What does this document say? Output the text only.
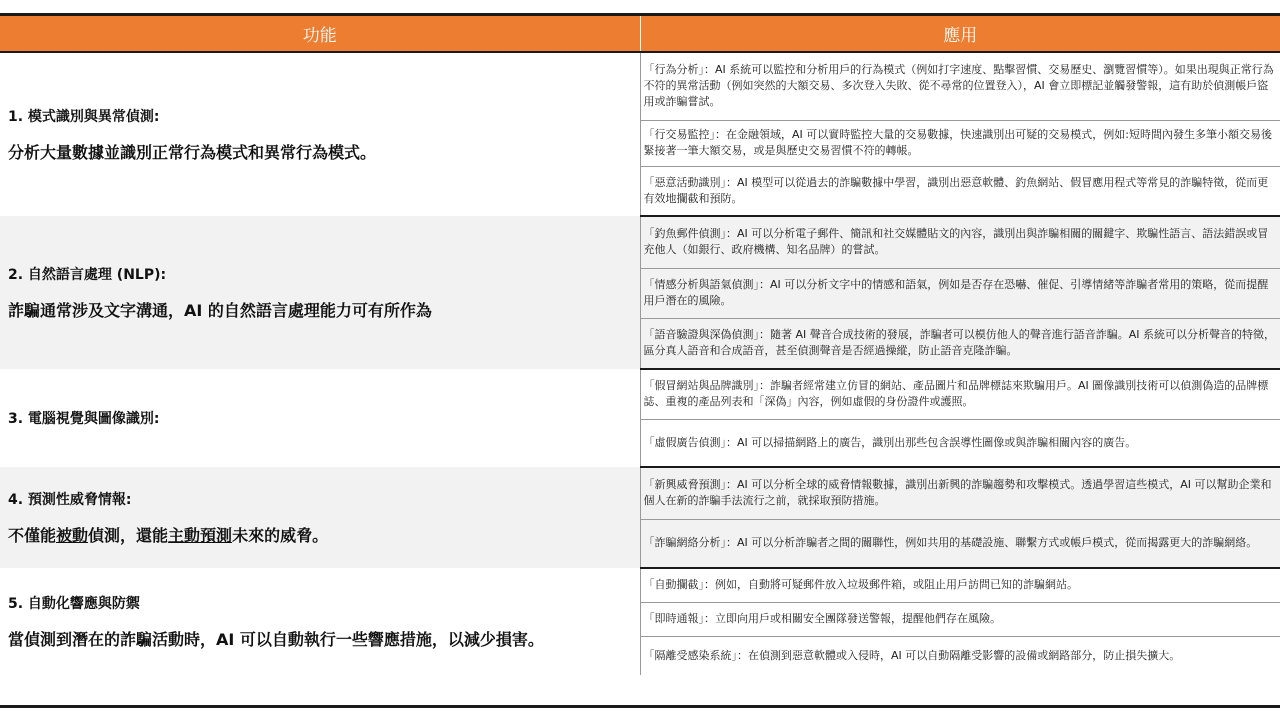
功能	應用

1. 模式識別與異常偵測:
分析大量數據並識別正常行為模式和異常行為模式。	「行為分析」：AI 系統可以監控和分析用戶的行為模式（例如打字速度、點擊習慣、交易歷史、瀏覽習慣等）。如果出現與正常行為不符的異常活動（例如突然的大額交易、多次登入失敗、從不尋常的位置登入），AI 會立即標記並觸發警報，這有助於偵測帳戶盜用或詐騙嘗試。
	「行交易監控」：在金融領域，AI 可以實時監控大量的交易數據，快速識別出可疑的交易模式，例如:短時間內發生多筆小額交易後緊接著一筆大額交易，或是與歷史交易習慣不符的轉帳。
	「惡意活動識別」：AI 模型可以從過去的詐騙數據中學習，識別出惡意軟體、釣魚網站、假冒應用程式等常見的詐騙特徵，從而更有效地攔截和預防。

2. 自然語言處理 (NLP):
詐騙通常涉及文字溝通，AI 的自然語言處理能力可有所作為	「釣魚郵件偵測」：AI 可以分析電子郵件、簡訊和社交媒體貼文的內容，識別出與詐騙相關的關鍵字、欺騙性語言、語法錯誤或冒充他人（如銀行、政府機構、知名品牌）的嘗試。
	「情感分析與語氣偵測」：AI 可以分析文字中的情感和語氣，例如是否存在恐嚇、催促、引導情緒等詐騙者常用的策略，從而提醒用戶潛在的風險。
	「語音驗證與深偽偵測」：隨著 AI 聲音合成技術的發展，詐騙者可以模仿他人的聲音進行語音詐騙。AI 系統可以分析聲音的特徵，區分真人語音和合成語音，甚至偵測聲音是否經過操縱，防止語音克隆詐騙。

3. 電腦視覺與圖像識別:	「假冒網站與品牌識別」：詐騙者經常建立仿冒的網站、產品圖片和品牌標誌來欺騙用戶。AI 圖像識別技術可以偵測偽造的品牌標誌、重複的產品列表和「深偽」內容，例如虛假的身份證件或護照。
	「虛假廣告偵測」：AI 可以掃描網路上的廣告，識別出那些包含誤導性圖像或與詐騙相關內容的廣告。

4. 預測性威脅情報:
不僅能被動偵測，還能主動預測未來的威脅。	「新興威脅預測」：AI 可以分析全球的威脅情報數據，識別出新興的詐騙趨勢和攻擊模式。透過學習這些模式，AI 可以幫助企業和個人在新的詐騙手法流行之前，就採取預防措施。
	「詐騙網絡分析」：AI 可以分析詐騙者之間的關聯性，例如共用的基礎設施、聯繫方式或帳戶模式，從而揭露更大的詐騙網絡。

5. 自動化響應與防禦
當偵測到潛在的詐騙活動時，AI 可以自動執行一些響應措施，以減少損害。	「自動攔截」：例如，自動將可疑郵件放入垃圾郵件箱，或阻止用戶訪問已知的詐騙網站。
	「即時通報」：立即向用戶或相關安全團隊發送警報，提醒他們存在風險。
	「隔離受感染系統」：在偵測到惡意軟體或入侵時，AI 可以自動隔離受影響的設備或網路部分，防止損失擴大。
